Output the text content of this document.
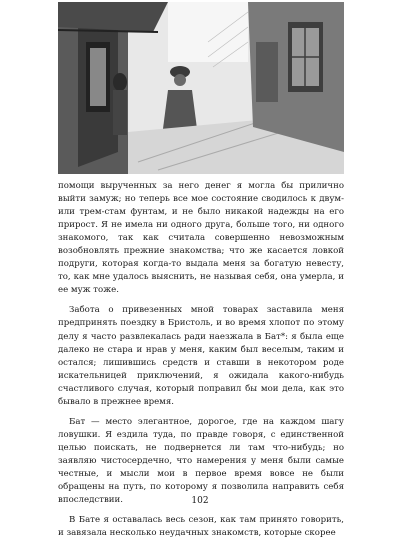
помощи вырученных за него денег я могла бы прилично выйти замуж; но теперь все мое состояние сводилось к двум- или трем-стам фунтам, и не было никакой надежды на его прирост. Я не имела ни одного друга, больше того, ни одного знакомого, так как считала совершенно невозможным возобновлять прежние знакомства; что же касается ловкой подруги, которая когда-то выдала меня за богатую невесту, то, как мне удалось выяснить, не называя себя, она умерла, и ее муж тоже.

Забота о привезенных мной товарах заставила меня предпринять поездку в Бристоль, и во время хлопот по этому делу я часто развлекалась ради наезжала в Бат*: я была еще далеко не стара и нрав у меня, каким был веселым, таким и остался; лишившись средств и ставши в некотором роде искательницей приключений, я ожидала какого-нибудь счастливого случая, который поправил бы мои дела, как это бывало в прежнее время.

Бат — место элегантное, дорогое, где на каждом шагу ловушки. Я ездила туда, по правде говоря, с единственной целью поискать, не подвернется ли там что-нибудь; но заявляю чистосердечно, что намерения у меня были самые честные, и мысли мои в первое время вовсе не были обращены на путь, по которому я позволила направить себя впоследствии.

В Бате я оставалась весь сезон, как там принято говорить, и завязала несколько неудачных знакомств, которые скорее

102
